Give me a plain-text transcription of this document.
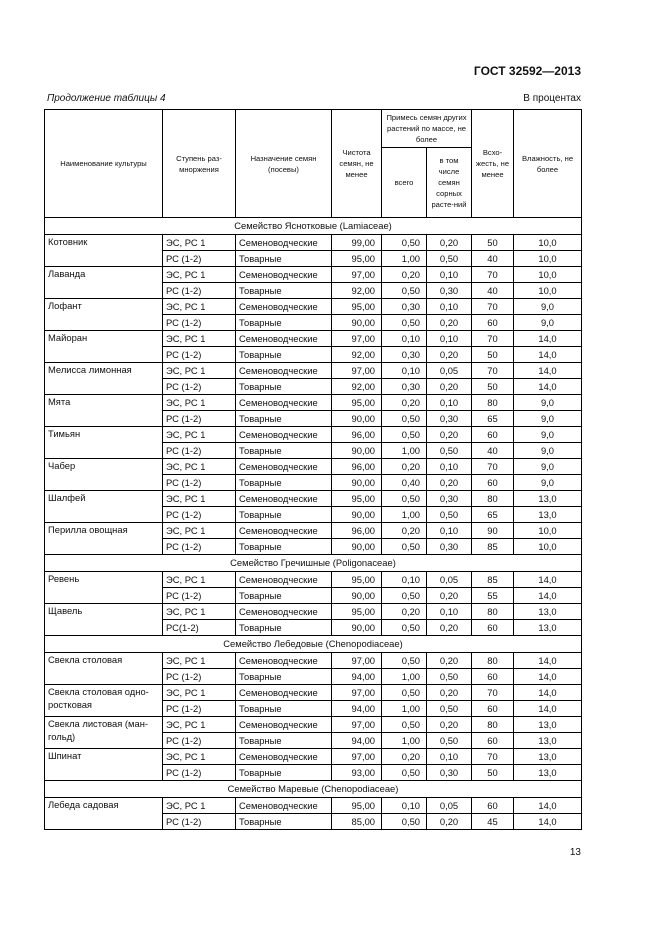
ГОСТ 32592—2013
Продолжение таблицы 4	В процентах
Наименование культуры	Ступень раз-мноржения	Назначение семян (посевы)	Чистота семян, не менее	Примесь семян других растений по массе, не более		Всхо-жесть, не менее	Влажность, не более
				всего	в том числе семян сорных расте-ний		
Семейство Яснотковые (Lamiaceae)							
Котовник	ЭС, РС 1	Семеноводческие	99,00	0,50	0,20	50	10,0
	РС (1-2)	Товарные	95,00	1,00	0,50	40	10,0
Лаванда	ЭС, РС 1	Семеноводческие	97,00	0,20	0,10	70	10,0
	РС (1-2)	Товарные	92,00	0,50	0,30	40	10,0
Лофант	ЭС, РС 1	Семеноводческие	95,00	0,30	0,10	70	9,0
	РС (1-2)	Товарные	90,00	0,50	0,20	60	9,0
Майоран	ЭС, РС 1	Семеноводческие	97,00	0,10	0,10	70	14,0
	РС (1-2)	Товарные	92,00	0,30	0,20	50	14,0
Мелисса лимонная	ЭС, РС 1	Семеноводческие	97,00	0,10	0,05	70	14,0
	РС (1-2)	Товарные	92,00	0,30	0,20	50	14,0
Мята	ЭС, РС 1	Семеноводческие	95,00	0,20	0,10	80	9,0
	РС (1-2)	Товарные	90,00	0,50	0,30	65	9,0
Тимьян	ЭС, РС 1	Семеноводческие	96,00	0,50	0,20	60	9,0
	РС (1-2)	Товарные	90,00	1,00	0,50	40	9,0
Чабер	ЭС, РС 1	Семеноводческие	96,00	0,20	0,10	70	9,0
	РС (1-2)	Товарные	90,00	0,40	0,20	60	9,0
Шалфей	ЭС, РС 1	Семеноводческие	95,00	0,50	0,30	80	13,0
	РС (1-2)	Товарные	90,00	1,00	0,50	65	13,0
Перилла овощная	ЭС, РС 1	Семеноводческие	96,00	0,20	0,10	90	10,0
	РС (1-2)	Товарные	90,00	0,50	0,30	85	10,0
Семейство Гречишные (Poligonaceae)							
Ревень	ЭС, РС 1	Семеноводческие	95,00	0,10	0,05	85	14,0
	РС (1-2)	Товарные	90,00	0,50	0,20	55	14,0
Щавель	ЭС, РС 1	Семеноводческие	95,00	0,20	0,10	80	13,0
	РС(1-2)	Товарные	90,00	0,50	0,20	60	13,0
Семейство Лебедовые (Chenopodiaceae)							
Свекла столовая	ЭС, РС 1	Семеноводческие	97,00	0,50	0,20	80	14,0
	РС (1-2)	Товарные	94,00	1,00	0,50	60	14,0
Свекла столовая одно-ростковая	ЭС, РС 1	Семеноводческие	97,00	0,50	0,20	70	14,0
	РС (1-2)	Товарные	94,00	1,00	0,50	60	14,0
Свекла листовая (ман-гольд)	ЭС, РС 1	Семеноводческие	97,00	0,50	0,20	80	13,0
	РС (1-2)	Товарные	94,00	1,00	0,50	60	13,0
Шпинат	ЭС, РС 1	Семеноводческие	97,00	0,20	0,10	70	13,0
	РС (1-2)	Товарные	93,00	0,50	0,30	50	13,0
Семейство Маревые (Chenopodiaceae)							
Лебеда садовая	ЭС, РС 1	Семеноводческие	95,00	0,10	0,05	60	14,0
	РС (1-2)	Товарные	85,00	0,50	0,20	45	14,0
13
